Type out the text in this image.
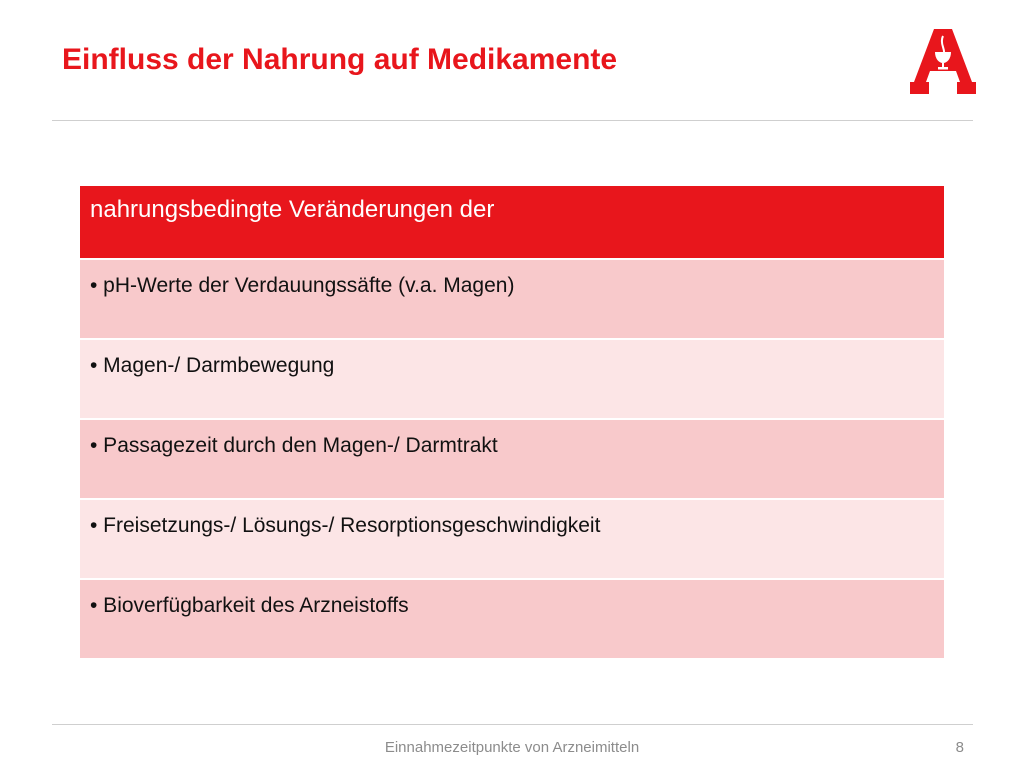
Einfluss der Nahrung auf Medikamente
nahrungsbedingte Veränderungen der
• pH-Werte der Verdauungssäfte (v.a. Magen)
• Magen-/ Darmbewegung
• Passagezeit durch den Magen-/ Darmtrakt
• Freisetzungs-/ Lösungs-/ Resorptionsgeschwindigkeit
• Bioverfügbarkeit des Arzneistoffs
Einnahmezeitpunkte von Arzneimitteln	8
